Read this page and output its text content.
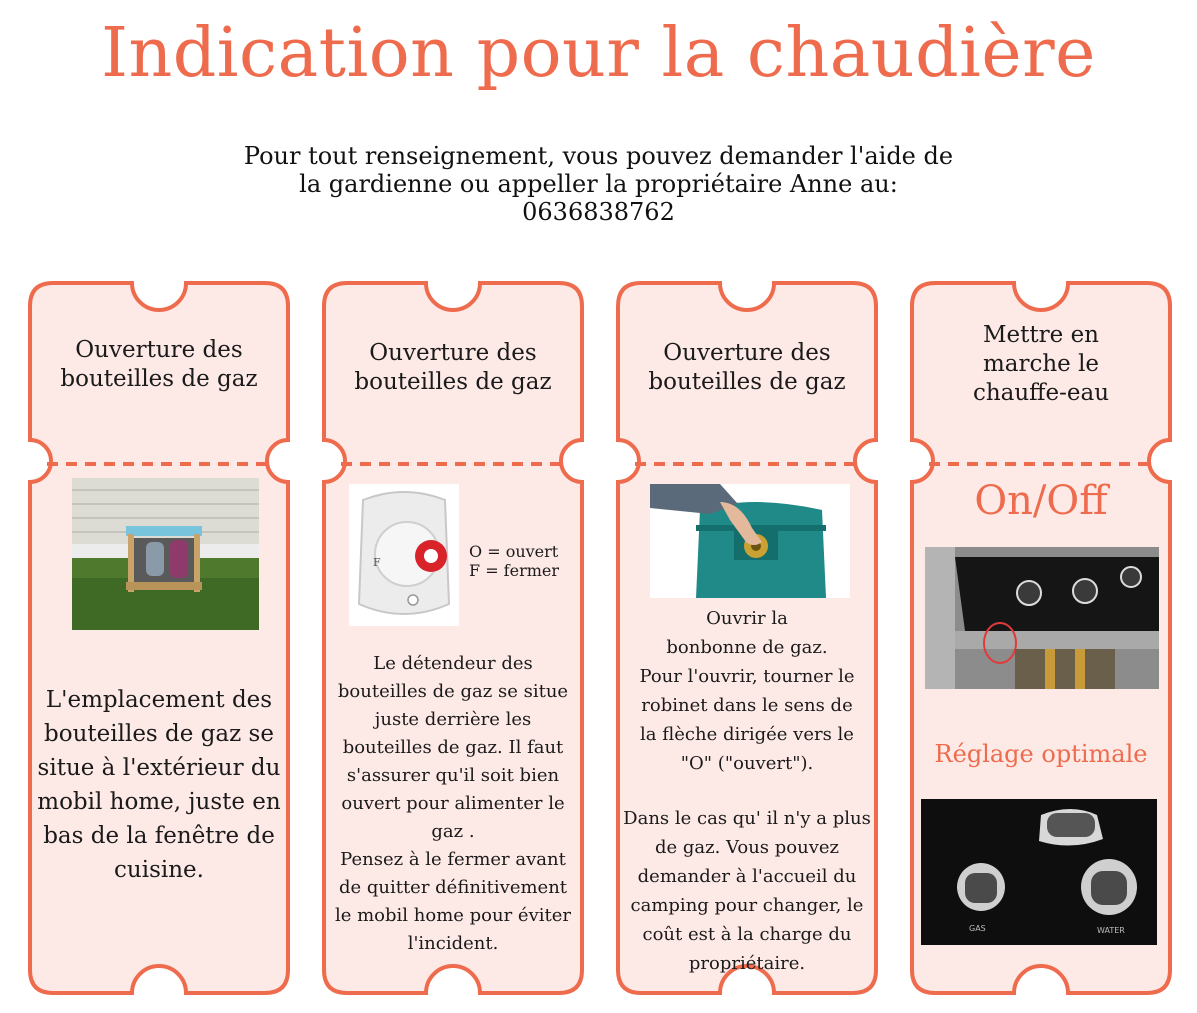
Indication pour la chaudière
Pour tout renseignement, vous pouvez demander l'aide de
la gardienne ou appeller la propriétaire Anne au:
0636838762
Ouverture des bouteilles de gaz
L'emplacement des bouteilles de gaz se situe à l'extérieur du mobil home, juste en bas de la fenêtre de cuisine.
Ouverture des bouteilles de gaz
F
O = ouvert
F = fermer
Le détendeur des bouteilles de gaz se situe juste derrière les bouteilles de gaz. Il faut s'assurer qu'il soit bien ouvert pour alimenter le gaz .
Pensez à le fermer avant de quitter définitivement le mobil home pour éviter l'incident.
Ouverture des bouteilles de gaz
Ouvrir la bonbonne de gaz.
Pour l'ouvrir, tourner le robinet dans le sens de la flèche dirigée vers le "O" ("ouvert").
Dans le cas qu' il n'y a plus de gaz. Vous pouvez demander à l'accueil du camping pour changer, le coût est à la charge du propriétaire.
Mettre en marche le chauffe-eau
On/Off
Réglage optimale
GAS	WATER
